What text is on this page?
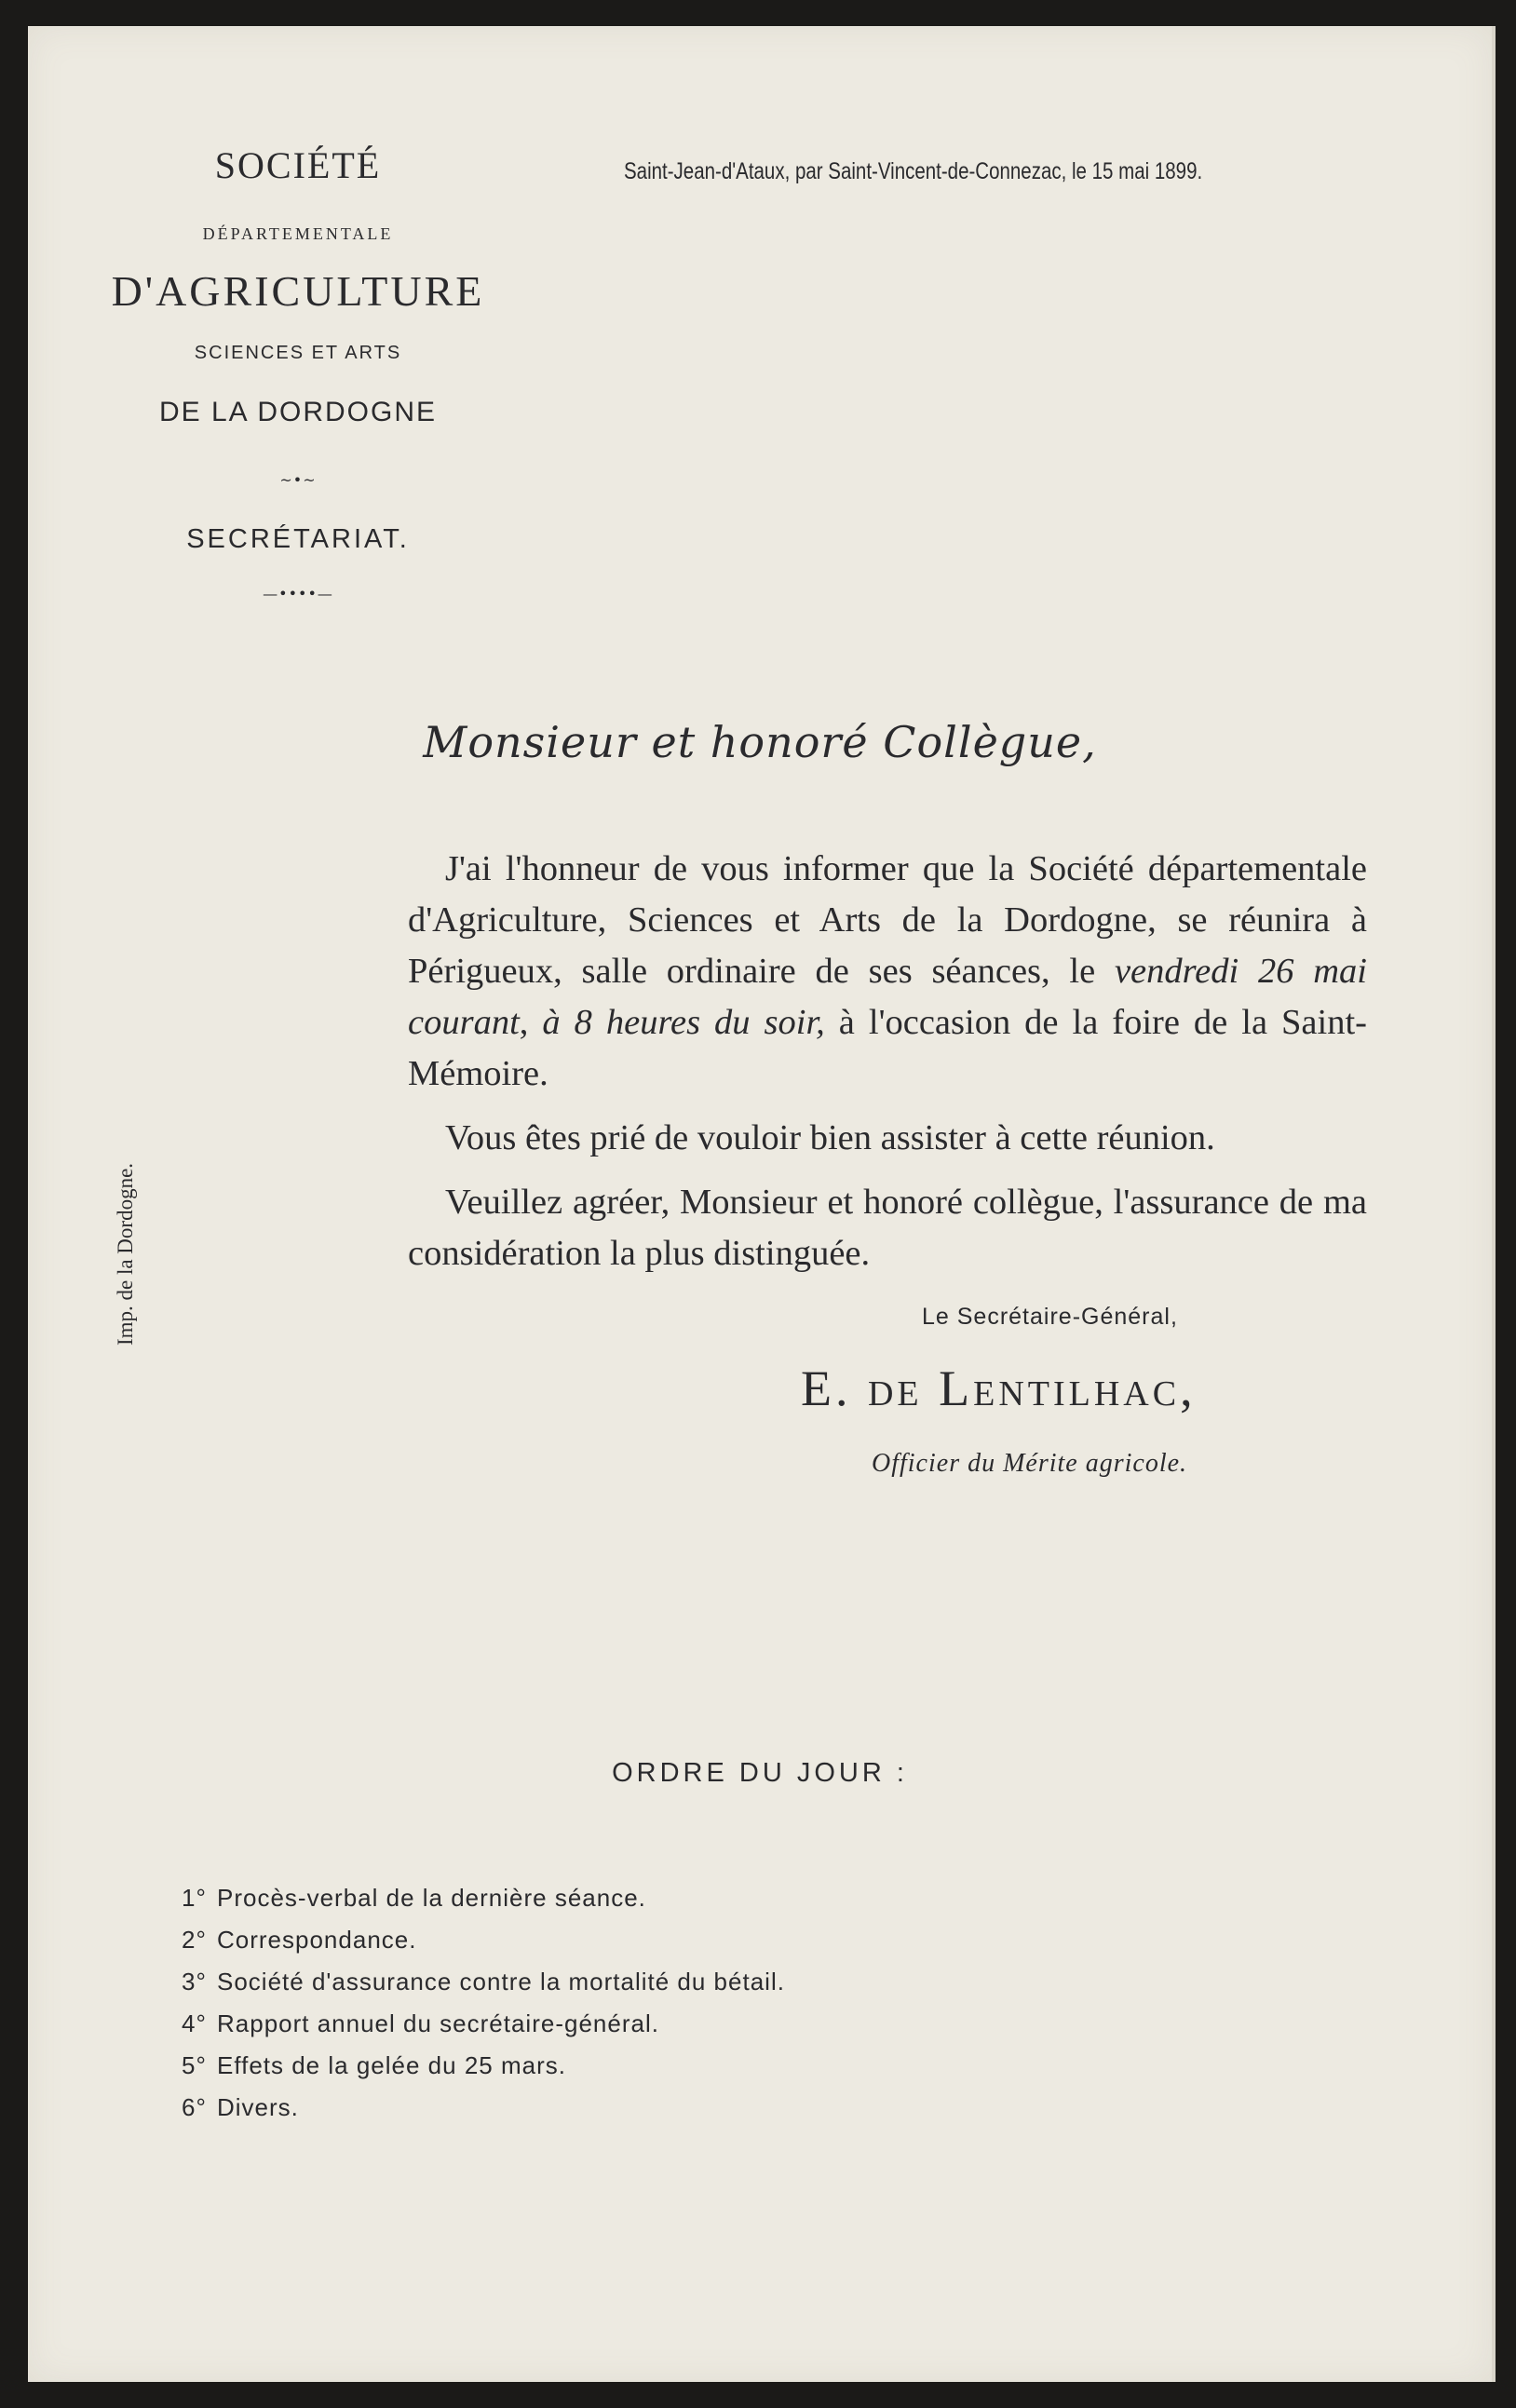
SOCIÉTÉ
DÉPARTEMENTALE
D'AGRICULTURE
SCIENCES ET ARTS
DE LA DORDOGNE
~•~
SECRÉTARIAT.
—••••—
Saint-Jean-d'Ataux, par Saint-Vincent-de-Connezac, le 15 mai 1899.
Imp. de la Dordogne.
Monsieur et honoré Collègue,

J'ai l'honneur de vous informer que la Société départementale d'Agriculture, Sciences et Arts de la Dordogne, se réunira à Périgueux, salle ordinaire de ses séances, le vendredi 26 mai courant, à 8 heures du soir, à l'occasion de la foire de la Saint-Mémoire.

Vous êtes prié de vouloir bien assister à cette réunion.

Veuillez agréer, Monsieur et honoré collègue, l'assurance de ma considération la plus distinguée.

Le Secrétaire-Général,
E. de Lentilhac,
Officier du Mérite agricole.
ORDRE DU JOUR :
1° Procès-verbal de la dernière séance.
2° Correspondance.
3° Société d'assurance contre la mortalité du bétail.
4° Rapport annuel du secrétaire-général.
5° Effets de la gelée du 25 mars.
6° Divers.
